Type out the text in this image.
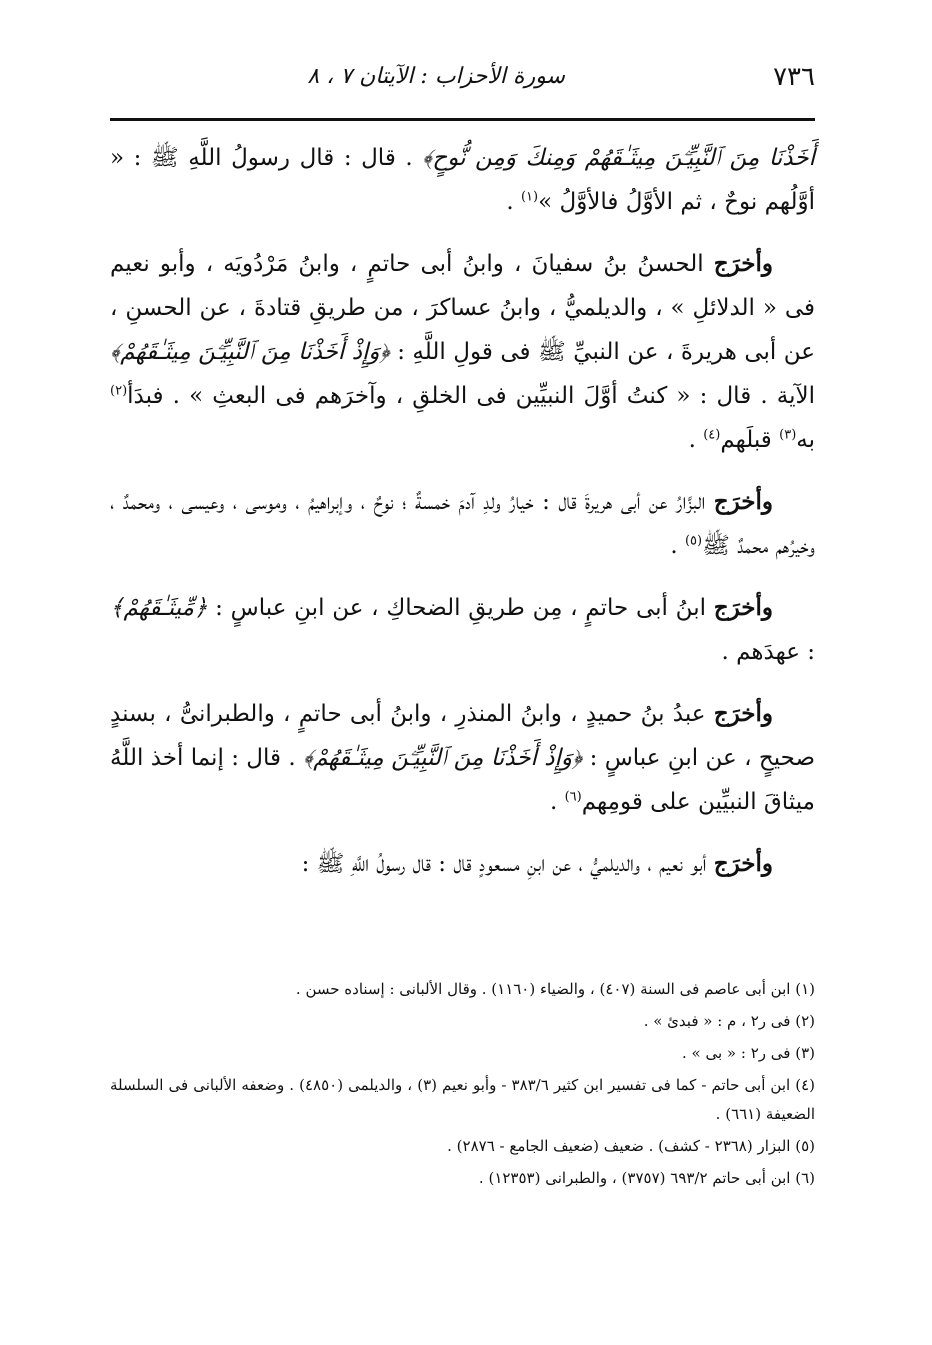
٧٣٦
سورة الأحزاب : الآيتان ٧ ، ٨

أَخَذْنَا مِنَ ٱلنَّبِيِّـۧنَ مِيثَـٰقَهُمْ وَمِنكَ وَمِن نُّوحٍ﴾ . قال : قال رسولُ اللَّهِ ﷺ : « أوَّلُهم نوحٌ ، ثم الأوَّلُ فالأوَّلُ »$^{(١)}$ .

وأخرَج الحسنُ بنُ سفيانَ ، وابنُ أبى حاتمٍ ، وابنُ مَرْدُويَه ، وأبو نعيم فى « الدلائلِ » ، والديلميُّ ، وابنُ عساكرَ ، من طريقِ قتادةَ ، عن الحسنِ ، عن أبى هريرةَ ، عن النبيِّ ﷺ فى قولِ اللَّهِ : ﴿وَإِذْ أَخَذْنَا مِنَ ٱلنَّبِيِّـۧنَ مِيثَـٰقَهُمْ﴾ الآية . قال : « كنتُ أوَّلَ النبيِّين فى الخلقِ ، وآخرَهم فى البعثِ » . فبدَأ$^{(٢)}$ به$^{(٣)}$ قبلَهم$^{(٤)}$ .

وأخرَج البزَّارُ عن أبى هريرةَ قال : خيارُ ولدِ آدمَ خمسةٌ ؛ نوحٌ ، وإبراهيمُ ، وموسى ، وعيسى ، ومحمدٌ ، وخيرُهم محمدٌ ﷺ$^{(٥)}$ .

وأخرَج ابنُ أبى حاتمٍ ، مِن طريقِ الضحاكِ ، عن ابنِ عباسٍ : ﴿مِّيثَـٰقَهُمْ﴾ : عهدَهم .

وأخرَج عبدُ بنُ حميدٍ ، وابنُ المنذرِ ، وابنُ أبى حاتمٍ ، والطبرانىُّ ، بسندٍ صحيحٍ ، عن ابنِ عباسٍ : ﴿وَإِذْ أَخَذْنَا مِنَ ٱلنَّبِيِّـۧنَ مِيثَـٰقَهُمْ﴾ . قال : إنما أخذ اللَّهُ ميثاقَ النبيِّين على قومِهم$^{(٦)}$ .

وأخرَج أبو نعيم ، والديلميُّ ، عن ابنِ مسعودٍ قال : قال رسولُ اللَّهِ ﷺ :

(١) ابن أبى عاصم فى السنة (٤٠٧) ، والضياء (١١٦٠) . وقال الألبانى : إسناده حسن .
(٢) فى ر٢ ، م : « فبدئ » .
(٣) فى ر٢ : « بى » .
(٤) ابن أبى حاتم - كما فى تفسير ابن كثير ٣٨٣/٦ - وأبو نعيم (٣) ، والديلمى (٤٨٥٠) . وضعفه الألبانى فى السلسلة الضعيفة (٦٦١) .
(٥) البزار (٢٣٦٨ - كشف) . ضعيف (ضعيف الجامع - ٢٨٧٦) .
(٦) ابن أبى حاتم ٦٩٣/٢ (٣٧٥٧) ، والطبرانى (١٢٣٥٣) .
